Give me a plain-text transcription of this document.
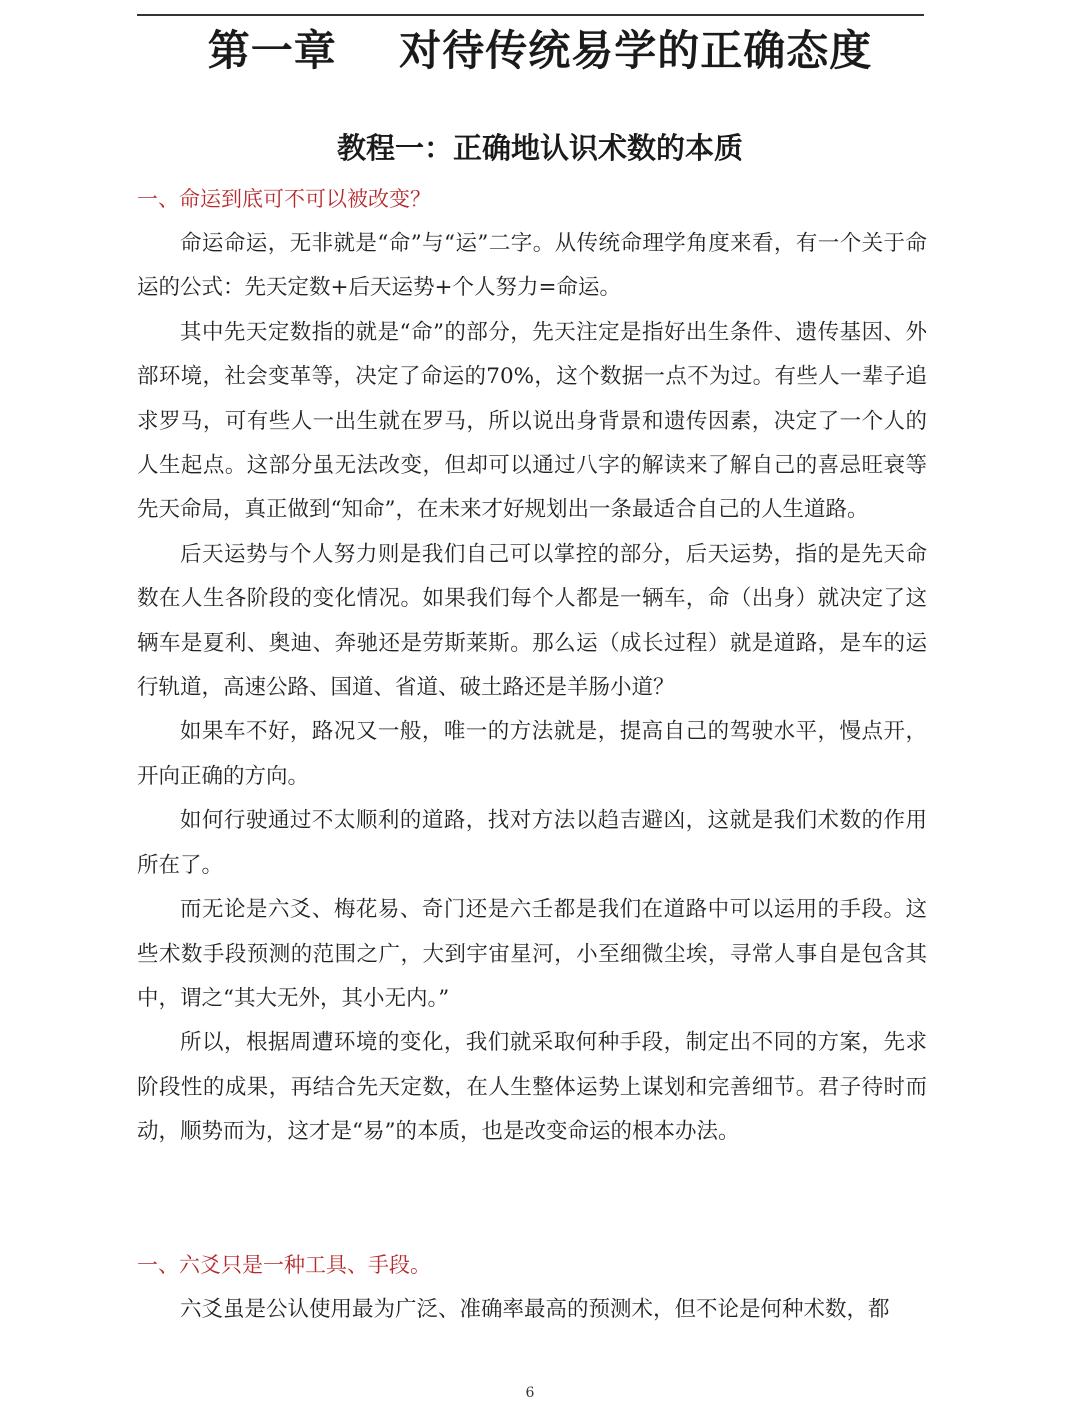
第一章    对待传统易学的正确态度
教程一：正确地认识术数的本质
一、命运到底可不可以被改变？

命运命运，无非就是“命”与“运”二字。从传统命理学角度来看，有一个关于命运的公式：先天定数+后天运势+个人努力=命运。

其中先天定数指的就是“命”的部分，先天注定是指好出生条件、遗传基因、外部环境，社会变革等，决定了命运的70%，这个数据一点不为过。有些人一辈子追求罗马，可有些人一出生就在罗马，所以说出身背景和遗传因素，决定了一个人的人生起点。这部分虽无法改变，但却可以通过八字的解读来了解自己的喜忌旺衰等先天命局，真正做到“知命”，在未来才好规划出一条最适合自己的人生道路。

后天运势与个人努力则是我们自己可以掌控的部分，后天运势，指的是先天命数在人生各阶段的变化情况。如果我们每个人都是一辆车，命（出身）就决定了这辆车是夏利、奥迪、奔驰还是劳斯莱斯。那么运（成长过程）就是道路，是车的运行轨道，高速公路、国道、省道、破土路还是羊肠小道？

如果车不好，路况又一般，唯一的方法就是，提高自己的驾驶水平，慢点开，开向正确的方向。

如何行驶通过不太顺利的道路，找对方法以趋吉避凶，这就是我们术数的作用所在了。

而无论是六爻、梅花易、奇门还是六壬都是我们在道路中可以运用的手段。这些术数手段预测的范围之广，大到宇宙星河，小至细微尘埃，寻常人事自是包含其中，谓之“其大无外，其小无内。”

所以，根据周遭环境的变化，我们就采取何种手段，制定出不同的方案，先求阶段性的成果，再结合先天定数，在人生整体运势上谋划和完善细节。君子待时而动，顺势而为，这才是“易”的本质，也是改变命运的根本办法。

一、六爻只是一种工具、手段。

六爻虽是公认使用最为广泛、准确率最高的预测术，但不论是何种术数，都

6
